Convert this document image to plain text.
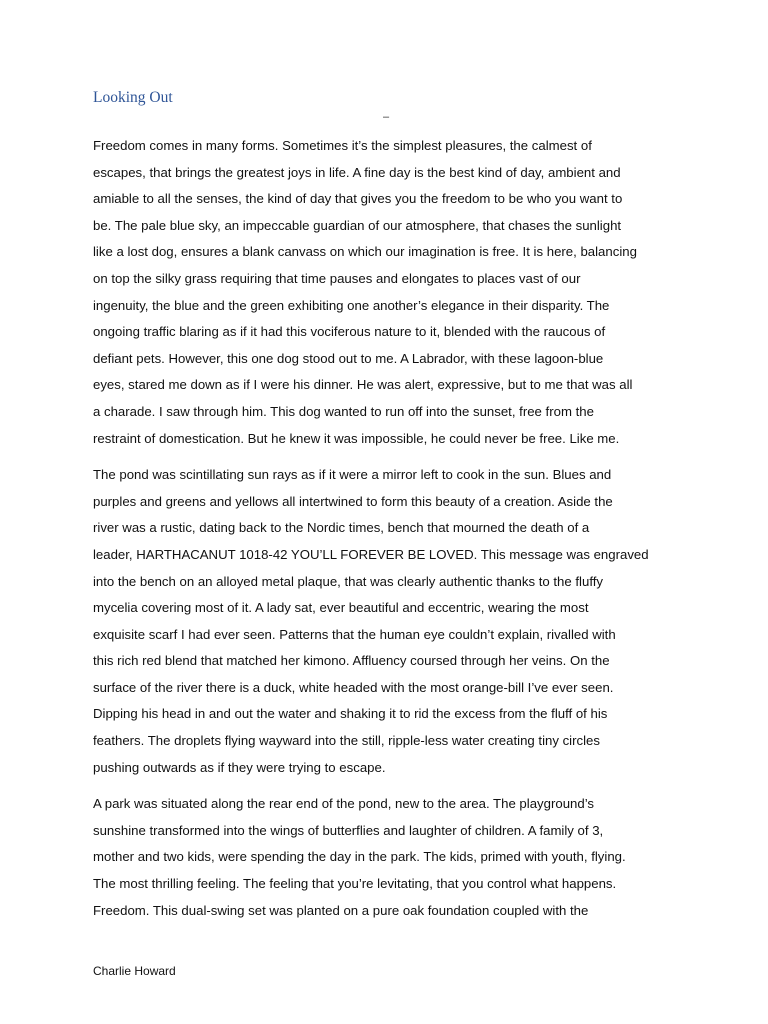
Looking Out
–

Freedom comes in many forms. Sometimes it’s the simplest pleasures, the calmest of
escapes, that brings the greatest joys in life. A fine day is the best kind of day, ambient and
amiable to all the senses, the kind of day that gives you the freedom to be who you want to
be. The pale blue sky, an impeccable guardian of our atmosphere, that chases the sunlight
like a lost dog, ensures a blank canvass on which our imagination is free. It is here, balancing
on top the silky grass requiring that time pauses and elongates to places vast of our
ingenuity, the blue and the green exhibiting one another’s elegance in their disparity. The
ongoing traffic blaring as if it had this vociferous nature to it, blended with the raucous of
defiant pets. However, this one dog stood out to me. A Labrador, with these lagoon-blue
eyes, stared me down as if I were his dinner. He was alert, expressive, but to me that was all
a charade. I saw through him. This dog wanted to run off into the sunset, free from the
restraint of domestication. But he knew it was impossible, he could never be free. Like me.

The pond was scintillating sun rays as if it were a mirror left to cook in the sun. Blues and
purples and greens and yellows all intertwined to form this beauty of a creation. Aside the
river was a rustic, dating back to the Nordic times, bench that mourned the death of a
leader, HARTHACANUT 1018-42 YOU’LL FOREVER BE LOVED. This message was engraved
into the bench on an alloyed metal plaque, that was clearly authentic thanks to the fluffy
mycelia covering most of it. A lady sat, ever beautiful and eccentric, wearing the most
exquisite scarf I had ever seen. Patterns that the human eye couldn’t explain, rivalled with
this rich red blend that matched her kimono. Affluency coursed through her veins. On the
surface of the river there is a duck, white headed with the most orange-bill I’ve ever seen.
Dipping his head in and out the water and shaking it to rid the excess from the fluff of his
feathers. The droplets flying wayward into the still, ripple-less water creating tiny circles
pushing outwards as if they were trying to escape.

A park was situated along the rear end of the pond, new to the area. The playground’s
sunshine transformed into the wings of butterflies and laughter of children. A family of 3,
mother and two kids, were spending the day in the park. The kids, primed with youth, flying.
The most thrilling feeling. The feeling that you’re levitating, that you control what happens.
Freedom. This dual-swing set was planted on a pure oak foundation coupled with the

Charlie Howard
